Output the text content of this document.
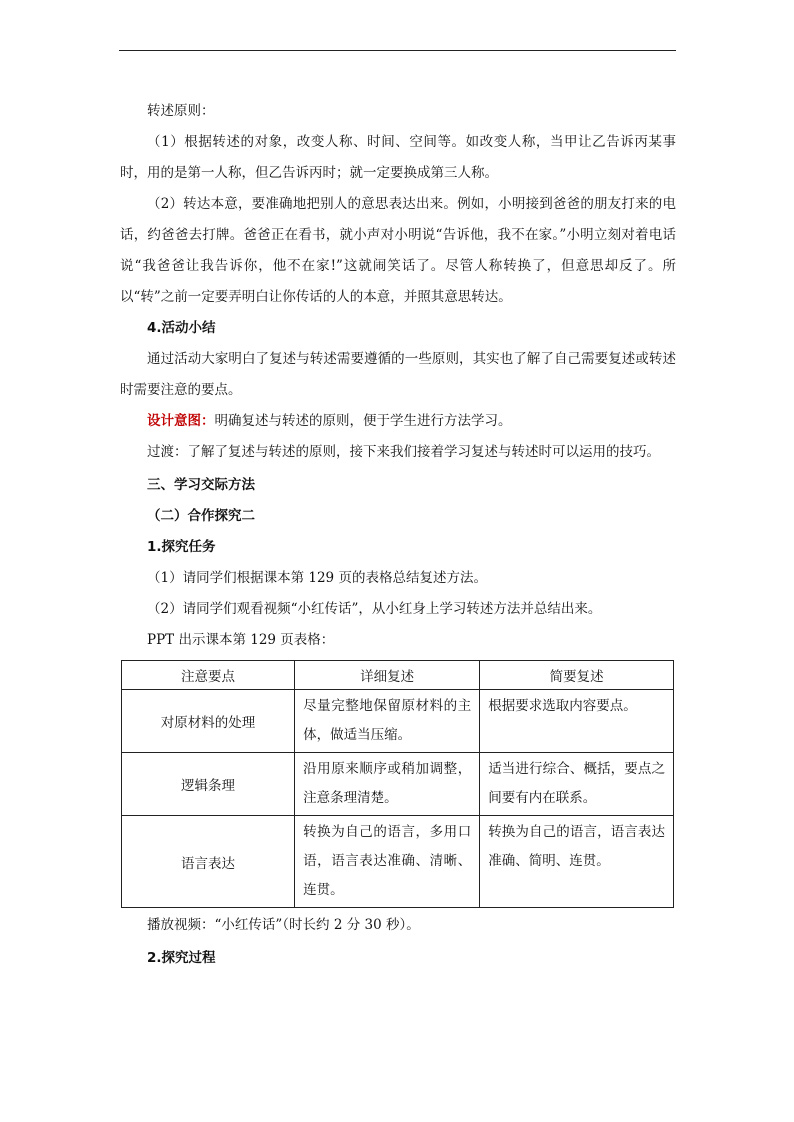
转述原则：

（1）根据转述的对象，改变人称、时间、空间等。如改变人称，当甲让乙告诉丙某事时，用的是第一人称，但乙告诉丙时；就一定要换成第三人称。

（2）转达本意，要准确地把别人的意思表达出来。例如，小明接到爸爸的朋友打来的电话，约爸爸去打牌。爸爸正在看书，就小声对小明说“告诉他，我不在家。”小明立刻对着电话说“我爸爸让我告诉你，他不在家!”这就闹笑话了。尽管人称转换了，但意思却反了。所以“转”之前一定要弄明白让你传话的人的本意，并照其意思转达。

4.活动小结

通过活动大家明白了复述与转述需要遵循的一些原则，其实也了解了自己需要复述或转述时需要注意的要点。

设计意图：明确复述与转述的原则，便于学生进行方法学习。

过渡：了解了复述与转述的原则，接下来我们接着学习复述与转述时可以运用的技巧。

三、学习交际方法

（二）合作探究二

1.探究任务

（1）请同学们根据课本第 129 页的表格总结复述方法。

（2）请同学们观看视频“小红传话”，从小红身上学习转述方法并总结出来。

PPT 出示课本第 129 页表格：

注意要点	详细复述	简要复述
对原材料的处理	尽量完整地保留原材料的主体，做适当压缩。	根据要求选取内容要点。

逻辑条理	沿用原来顺序或稍加调整，注意条理清楚。	适当进行综合、概括，要点之间要有内在联系。

语言表达	转换为自己的语言，多用口语，语言表达准确、清晰、连贯。	转换为自己的语言，语言表达准确、简明、连贯。

播放视频：“小红传话”（时长约 2 分 30 秒）。

2.探究过程
